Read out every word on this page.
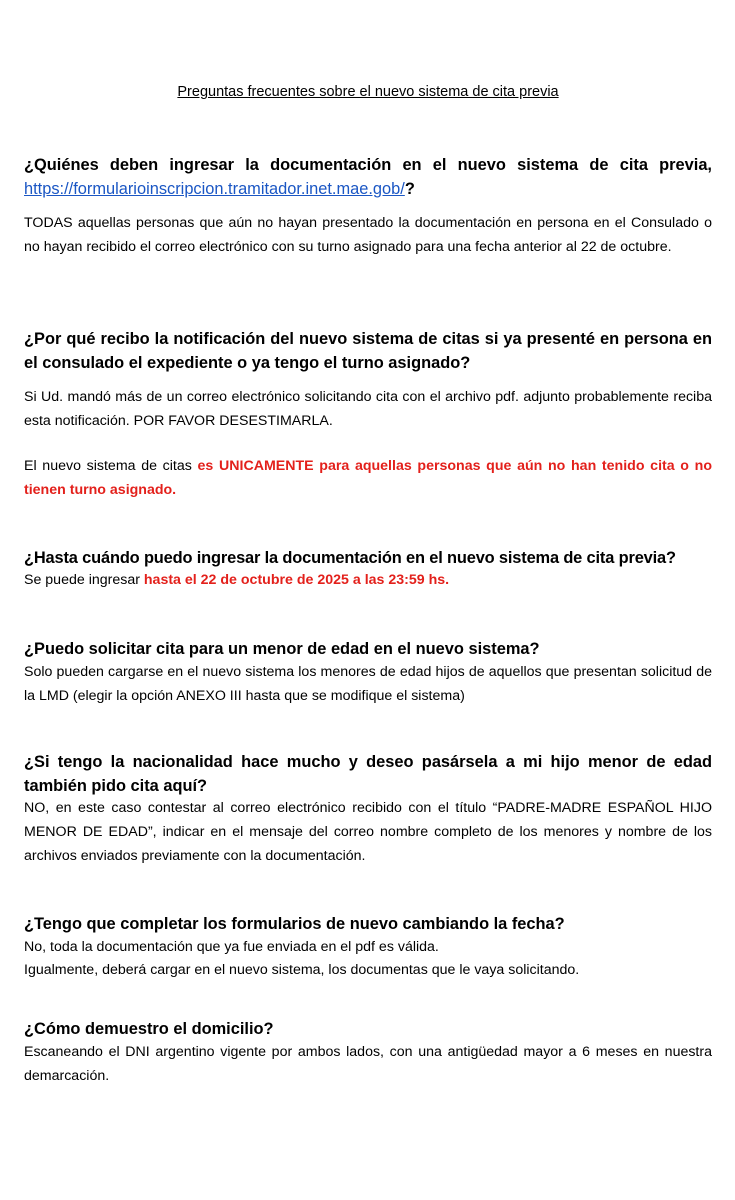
Preguntas frecuentes sobre el nuevo sistema de cita previa
¿Quiénes deben ingresar la documentación en el nuevo sistema de cita previa, https://formularioinscripcion.tramitador.inet.mae.gob/?
TODAS aquellas personas que aún no hayan presentado la documentación en persona en el Consulado o no hayan recibido el correo electrónico con su turno asignado para una fecha anterior al 22 de octubre.
¿Por qué recibo la notificación del nuevo sistema de citas si ya presenté en persona en el consulado el expediente o ya tengo el turno asignado?
Si Ud. mandó más de un correo electrónico solicitando cita con el archivo pdf. adjunto probablemente reciba esta notificación. POR FAVOR DESESTIMARLA.
El nuevo sistema de citas es UNICAMENTE para aquellas personas que aún no han tenido cita o no tienen turno asignado.
¿Hasta cuándo puedo ingresar la documentación en el nuevo sistema de cita previa?
Se puede ingresar hasta el 22 de octubre de 2025 a las 23:59 hs.
¿Puedo solicitar cita para un menor de edad en el nuevo sistema?
Solo pueden cargarse en el nuevo sistema los menores de edad hijos de aquellos que presentan solicitud de la LMD (elegir la opción ANEXO III hasta que se modifique el sistema)
¿Si tengo la nacionalidad hace mucho y deseo pasársela a mi hijo menor de edad también pido cita aquí?
NO, en este caso contestar al correo electrónico recibido con el título “PADRE-MADRE ESPAÑOL HIJO MENOR DE EDAD”, indicar en el mensaje del correo nombre completo de los menores y nombre de los archivos enviados previamente con la documentación.
¿Tengo que completar los formularios de nuevo cambiando la fecha?
No, toda la documentación que ya fue enviada en el pdf es válida.
Igualmente, deberá cargar en el nuevo sistema, los documentas que le vaya solicitando.
¿Cómo demuestro el domicilio?
Escaneando el DNI argentino vigente por ambos lados, con una antigüedad mayor a 6 meses en nuestra demarcación.
